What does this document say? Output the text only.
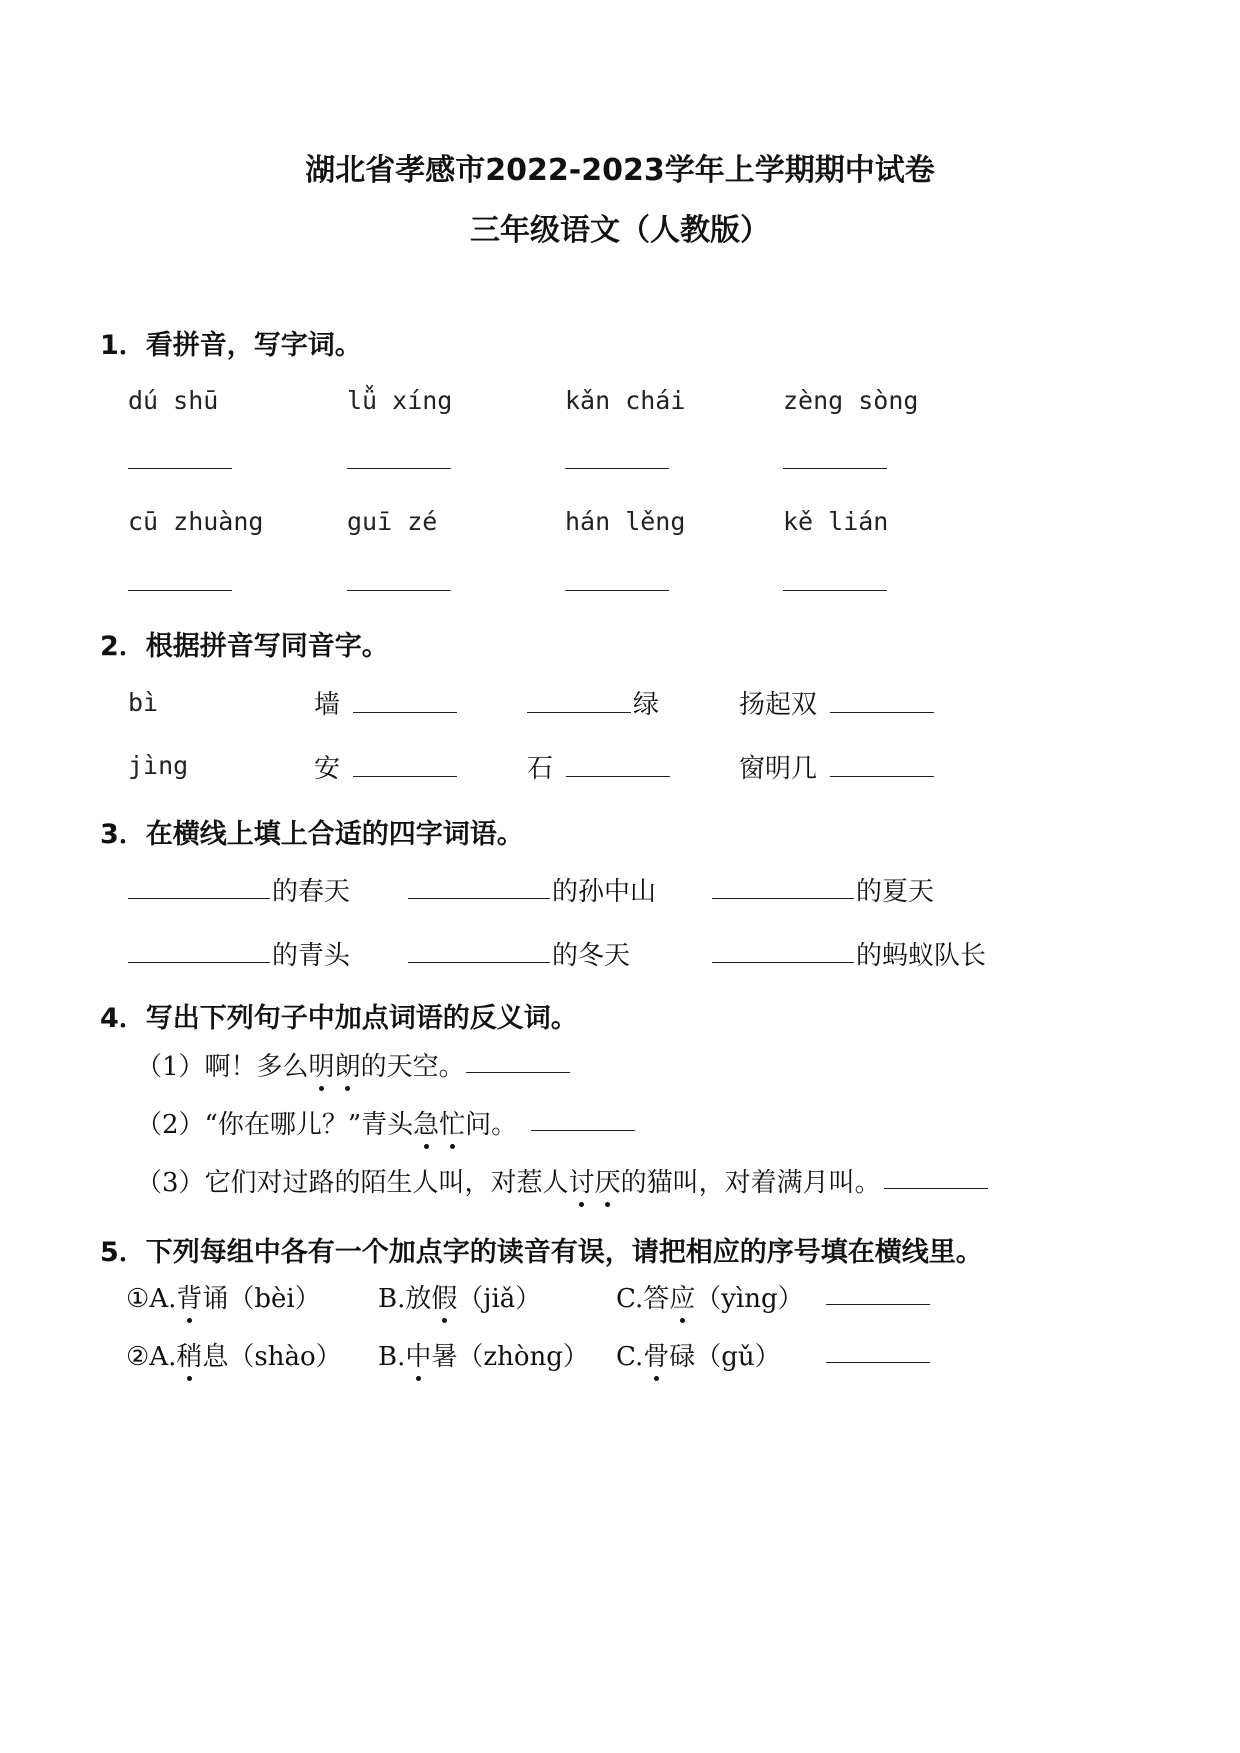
湖北省孝感市2022-2023学年上学期期中试卷
三年级语文（人教版）
1．看拼音，写字词。
dú shū	lǚ xíng	kǎn chái	zèng sòng
cū zhuàng	guī zé	hán lěng	kě lián
2．根据拼音写同音字。
bì	墙	绿	扬起双
jìng	安	石	窗明几
3．在横线上填上合适的四字词语。
的春天	的孙中山	的夏天
的青头	的冬天	的蚂蚁队长
4．写出下列句子中加点词语的反义词。
（1）啊！多么明
朗
的天空。
（2）“你在哪儿？”青头急
忙
问。
（3）它们对过路的陌生人叫，对惹人讨
厌
的猫叫，对着满月叫。
5．下列每组中各有一个加点字的读音有误，请把相应的序号填在横线里。
①A.背
诵（bèi） B.放假
（jiǎ）	C.答应
（yìng）
②A.稍
息（shào） B.中
暑（zhòng） C.骨
碌（gǔ）
